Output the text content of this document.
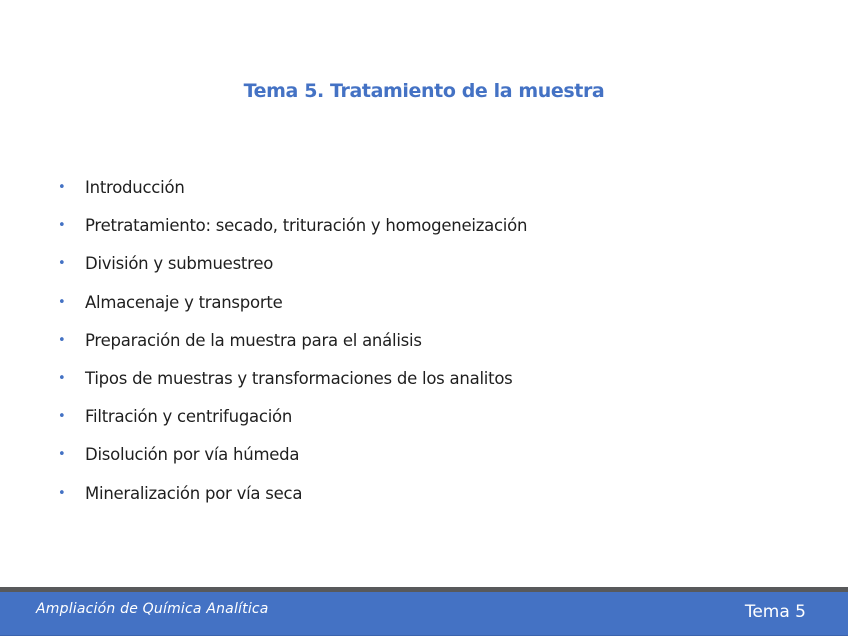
Tema 5. Tratamiento de la muestra
• Introducción
• Pretratamiento: secado, trituración y homogeneización
• División y submuestreo
• Almacenaje y transporte
• Preparación de la muestra para el análisis
• Tipos de muestras y transformaciones de los analitos
• Filtración y centrifugación
• Disolución por vía húmeda
• Mineralización por vía seca
Ampliación de Química Analítica	Tema 5
